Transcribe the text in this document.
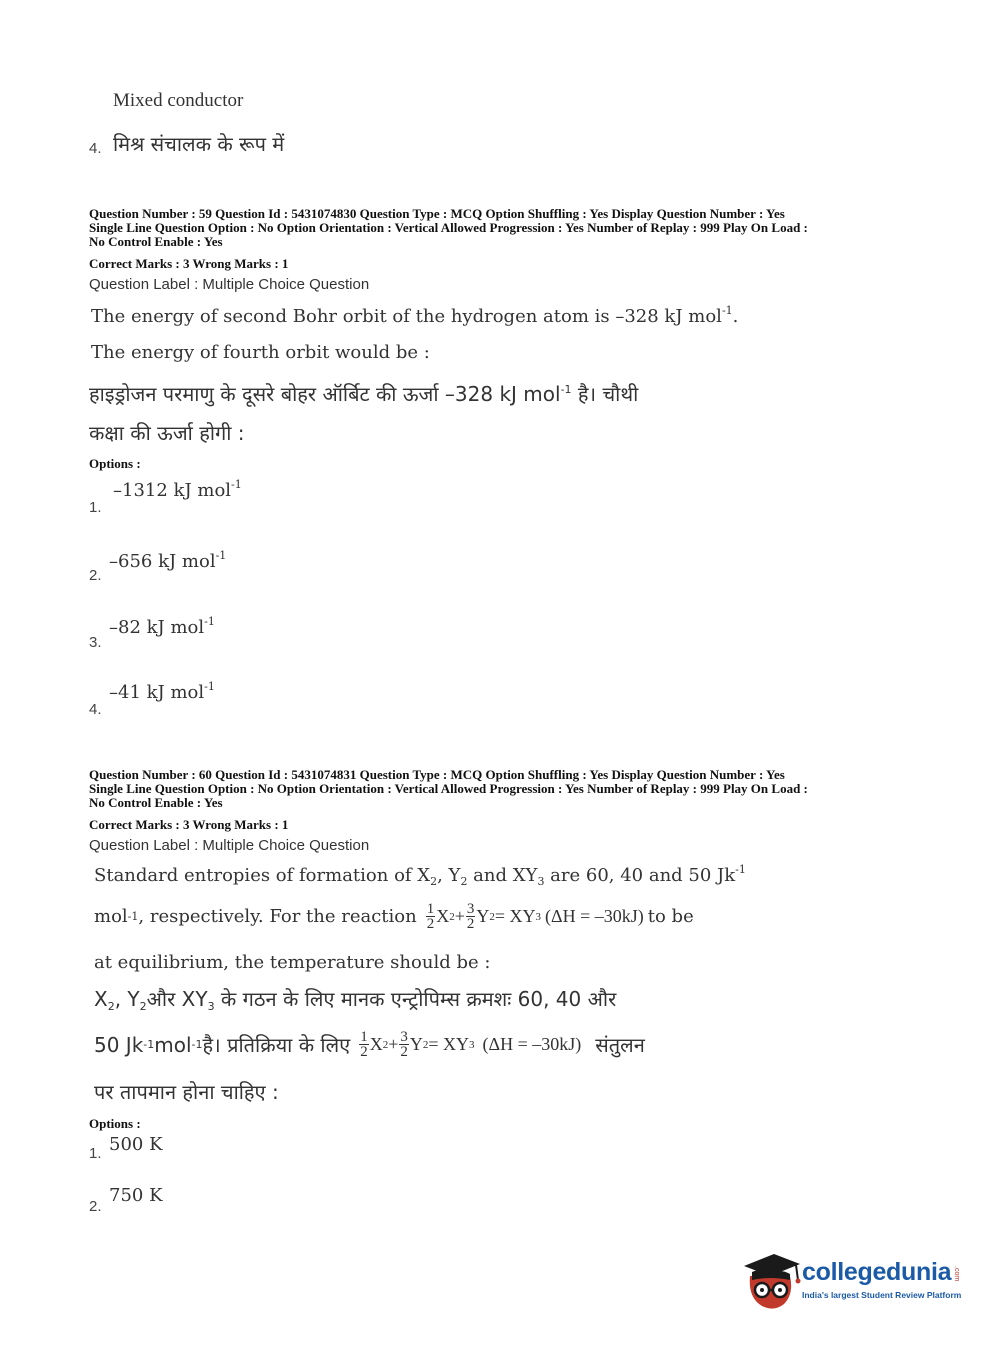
Mixed conductor
4. मिश्र संचालक के रूप में
Question Number : 59 Question Id : 5431074830 Question Type : MCQ Option Shuffling : Yes Display Question Number : Yes
Single Line Question Option : No Option Orientation : Vertical Allowed Progression : Yes Number of Replay : 999 Play On Load :
No Control Enable : Yes
Correct Marks : 3 Wrong Marks : 1
Question Label : Multiple Choice Question
The energy of second Bohr orbit of the hydrogen atom is –328 kJ mol$^{-1}$.
The energy of fourth orbit would be :
हाइड्रोजन परमाणु के दूसरे बोहर ऑर्बिट की ऊर्जा –328 kJ mol$^{-1}$ है। चौथी
कक्षा की ऊर्जा होगी :
Options :
–1312 kJ mol$^{-1}$
1.
–656 kJ mol$^{-1}$
2.
–82 kJ mol$^{-1}$
3.
–41 kJ mol$^{-1}$
4.
Question Number : 60 Question Id : 5431074831 Question Type : MCQ Option Shuffling : Yes Display Question Number : Yes
Single Line Question Option : No Option Orientation : Vertical Allowed Progression : Yes Number of Replay : 999 Play On Load :
No Control Enable : Yes
Correct Marks : 3 Wrong Marks : 1
Question Label : Multiple Choice Question
Standard entropies of formation of $X_2$, $Y_2$ and $XY_3$ are 60, 40 and 50 $Jk^{-1}$
mol -1 , respectively. For the reaction $\frac{1}{2}$ X $2 + \frac{3}{2}$ Y 2 = XY 3 (ΔH = –30kJ) to be
at equilibrium, the temperature should be :
$X_2$, $Y_2और$ $XY_3$ के गठन के लिए मानक एन्ट्रोपिम्स क्रमशः 60, 40 और
50 Jk -1 mol -1 है। प्रतिक्रिया के लिए $\frac{1}{2}$ X $2 + \frac{3}{2}$ Y 2 = XY 3 (ΔH = –30kJ) संतुलन
पर तापमान होना चाहिए :
Options :
500 K
1.
750 K
2.
collegedunia .com
India's largest Student Review Platform
